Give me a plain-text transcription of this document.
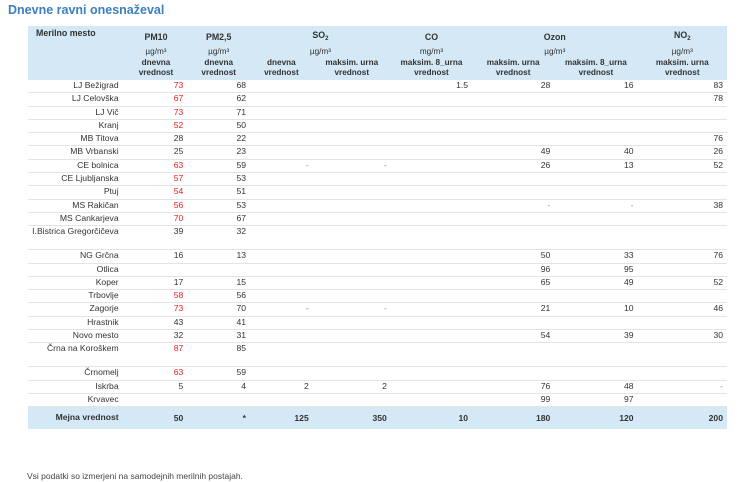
Dnevne ravni onesnaževal
Merilno mesto	PM10	PM2,5	$SO_2$		CO	Ozon		$NO_2$
	µg/m³	µg/m³	µg/m³		mg/m³	µg/m³		µg/m³
	dnevna vrednost	dnevna vrednost	dnevna vrednost	maksim. urna vrednost	maksim. 8_urna vrednost	maksim. urna vrednost	maksim. 8_urna vrednost	maksim. urna vrednost
LJ Bežigrad	73	68			1.5	28	16	83
LJ Celovška	67	62						78
LJ Vič	73	71						
Kranj	52	50						
MB Titova	28	22						76
MB Vrbanski	25	23				49	40	26
CE bolnica	63	59	-	-		26	13	52
CE Ljubljanska	57	53						
Ptuj	54	51						
MS Rakičan	56	53				-	-	38
MS Cankarjeva	70	67						
I.Bistrica Gregorčičeva	39	32						
NG Grčna	16	13				50	33	76
Otlica						96	95	
Koper	17	15				65	49	52
Trbovlje	58	56						
Zagorje	73	70	-	-		21	10	46
Hrastnik	43	41						
Novo mesto	32	31				54	39	30
Črna na Koroškem	87	85						
Črnomelj	63	59						
Iskrba	5	4	2	2		76	48	-
Krvavec						99	97	
Mejna vrednost	50	*	125	350	10	180	120	200
Vsi podatki so izmerjeni na samodejnih merilnih postajah.
